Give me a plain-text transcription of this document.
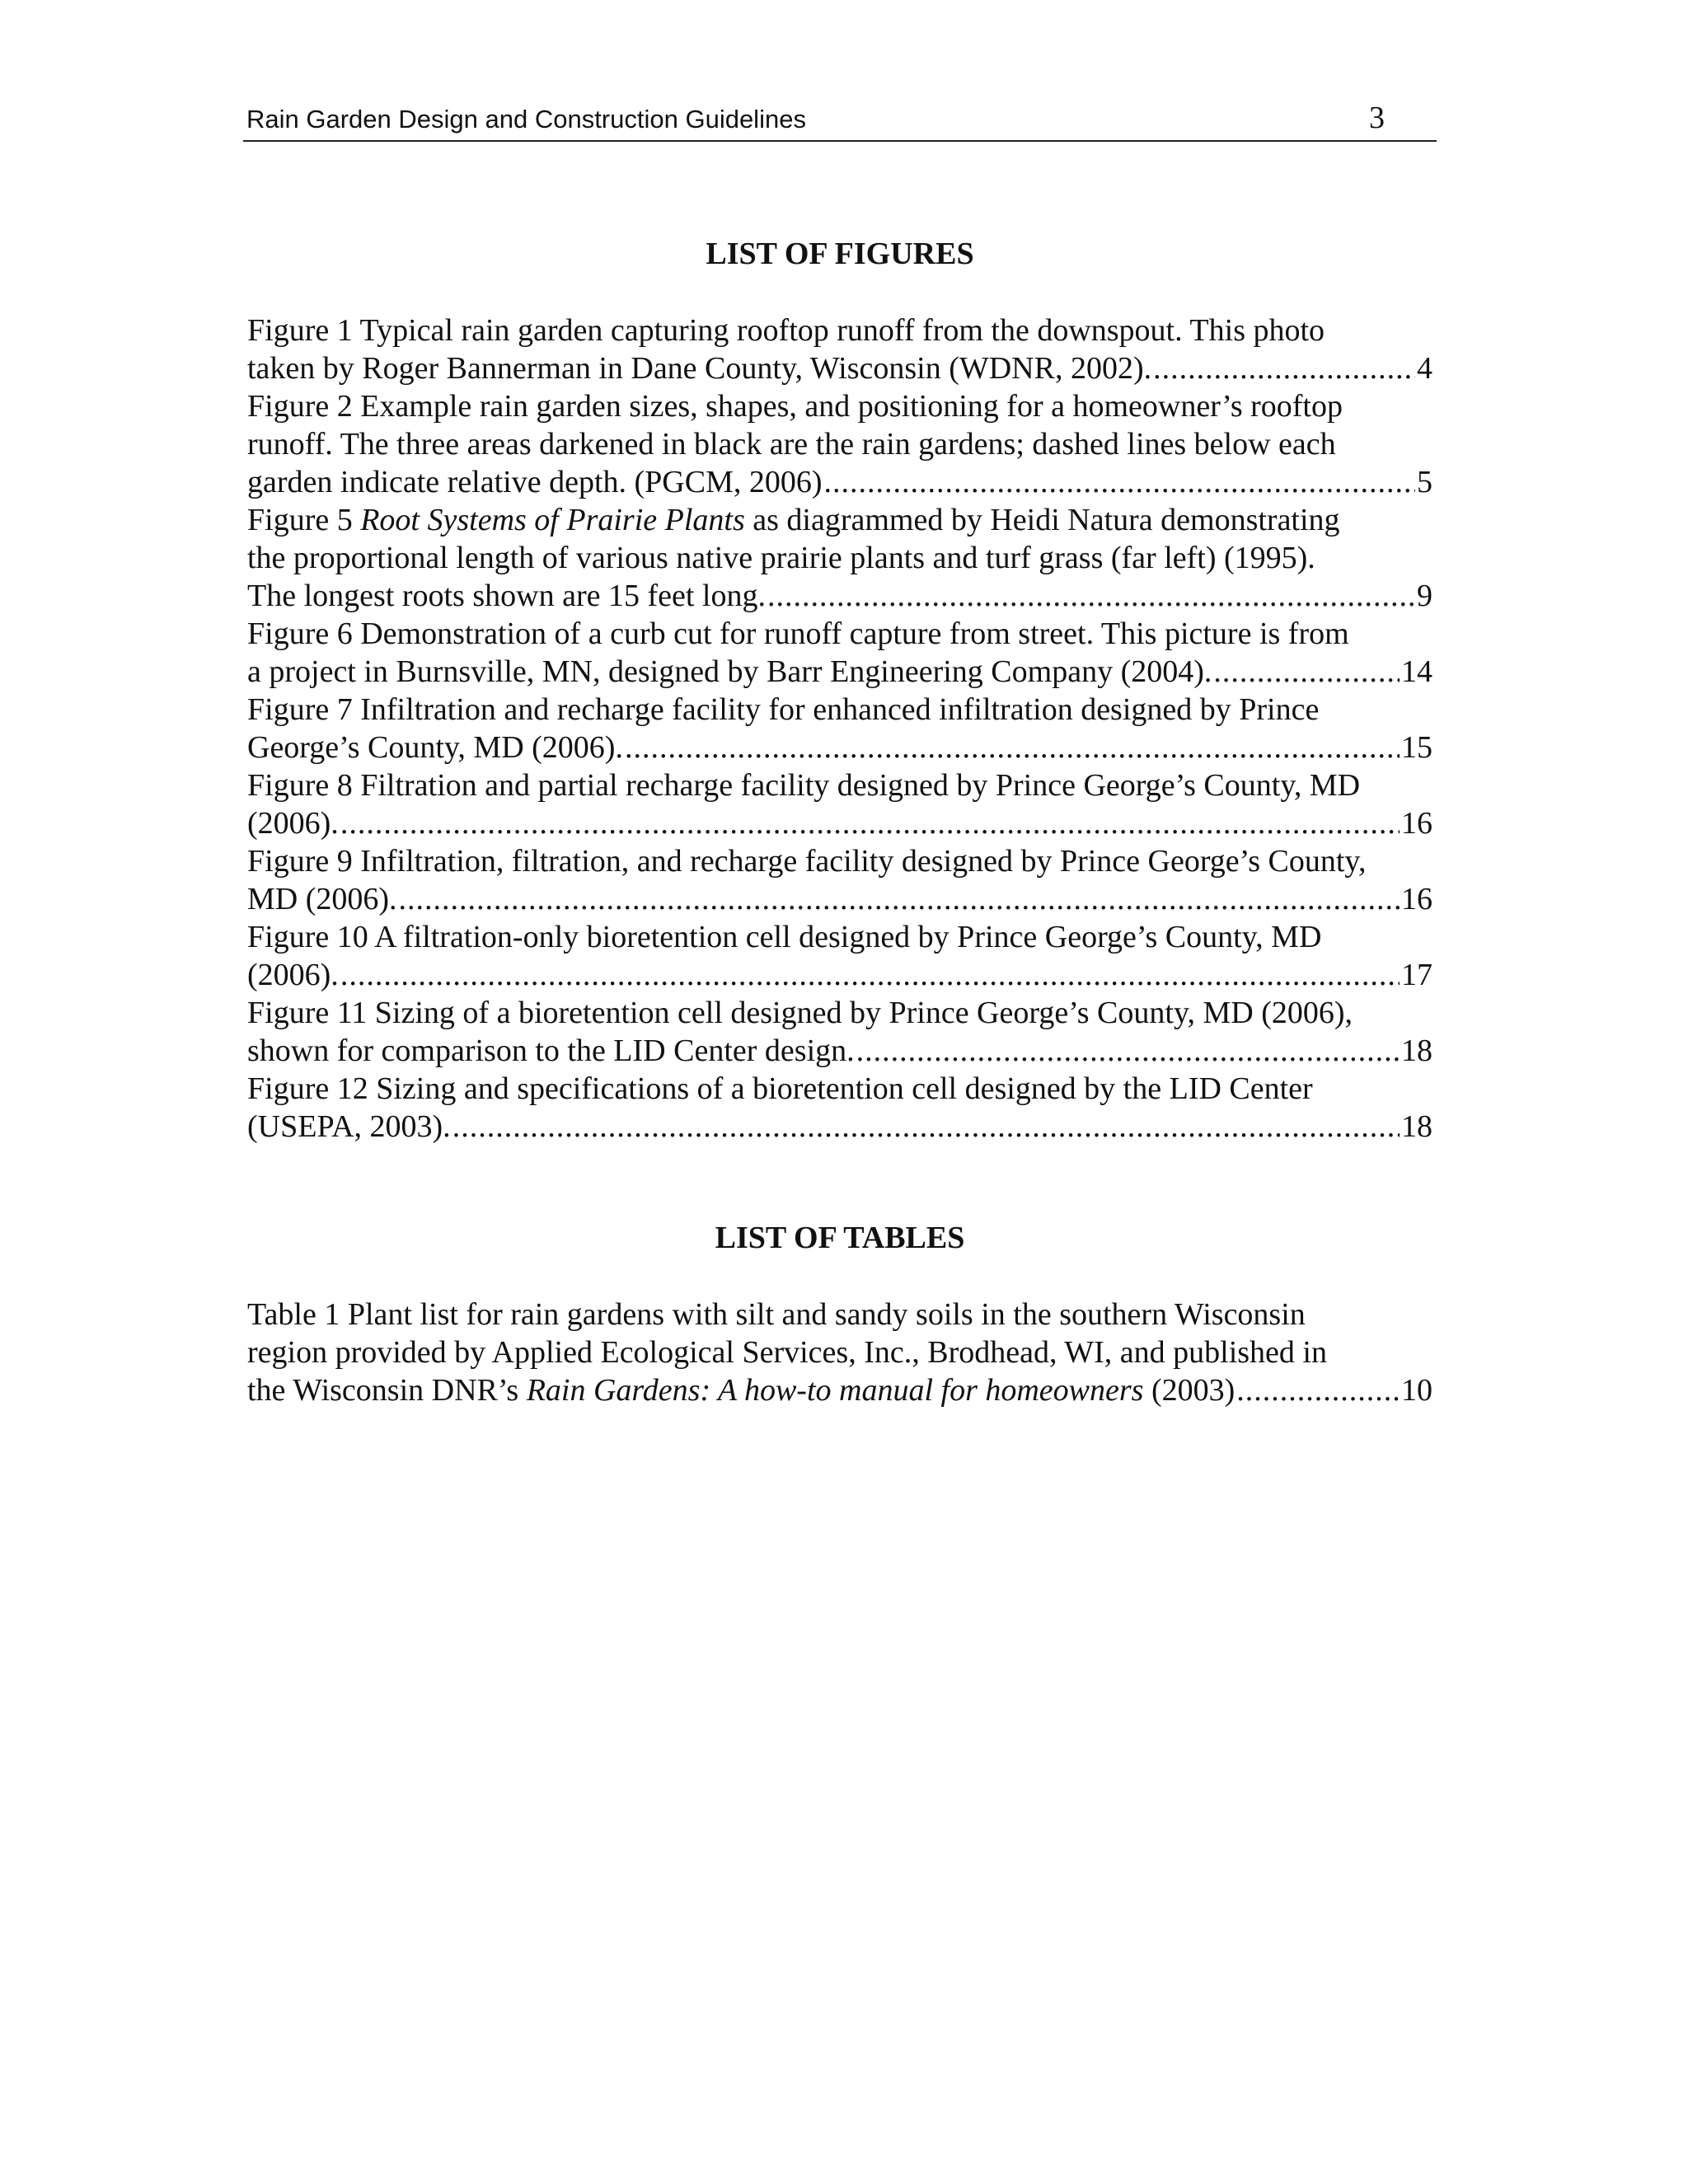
Rain Garden Design and Construction Guidelines	3
LIST OF FIGURES
Figure 1 Typical rain garden capturing rooftop runoff from the downspout. This photo
taken by Roger Bannerman in Dane County, Wisconsin (WDNR, 2002). .....	4
Figure 2 Example rain garden sizes, shapes, and positioning for a homeowner’s rooftop
runoff. The three areas darkened in black are the rain gardens; dashed lines below each
garden indicate relative depth. (PGCM, 2006) .....	5
Figure 5 Root Systems of Prairie Plants as diagrammed by Heidi Natura demonstrating
the proportional length of various native prairie plants and turf grass (far left) (1995).
The longest roots shown are 15 feet long. .....	9
Figure 6 Demonstration of a curb cut for runoff capture from street. This picture is from
a project in Burnsville, MN, designed by Barr Engineering Company (2004). .....	14
Figure 7 Infiltration and recharge facility for enhanced infiltration designed by Prince
George’s County, MD (2006). .....	15
Figure 8 Filtration and partial recharge facility designed by Prince George’s County, MD
(2006). .....	16
Figure 9 Infiltration, filtration, and recharge facility designed by Prince George’s County,
MD (2006). .....	16
Figure 10 A filtration-only bioretention cell designed by Prince George’s County, MD
(2006). .....	17
Figure 11 Sizing of a bioretention cell designed by Prince George’s County, MD (2006),
shown for comparison to the LID Center design. .....	18
Figure 12 Sizing and specifications of a bioretention cell designed by the LID Center
(USEPA, 2003). .....	18
LIST OF TABLES
Table 1 Plant list for rain gardens with silt and sandy soils in the southern Wisconsin
region provided by Applied Ecological Services, Inc., Brodhead, WI, and published in
the Wisconsin DNR’s Rain Gardens: A how-to manual for homeowners (2003) .....	10
